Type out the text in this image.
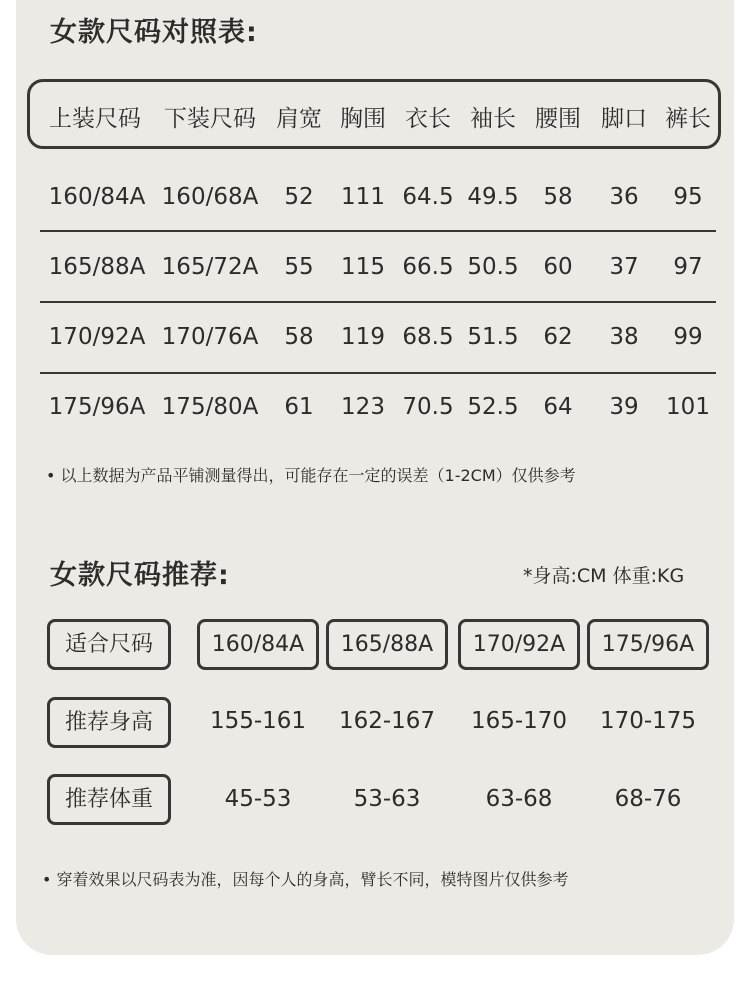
女款尺码对照表:
上装尺码 下装尺码 肩宽 胸围 衣长 袖长 腰围 脚口 裤长
160/84A 160/68A	52	111 64.5 49.5	58	36	95
165/88A 165/72A	55	115 66.5 50.5	60	37	97
170/92A 170/76A	58	119 68.5 51.5	62	38	99
175/96A 175/80A	61	123 70.5 52.5	64	39	101
• 以上数据为产品平铺测量得出，可能存在一定的误差（1-2CM）仅供参考
女款尺码推荐:	*身高:CM 体重:KG
适合尺码	160/84A	165/88A	170/92A	175/96A
推荐身高	155-161	162-167	165-170	170-175
推荐体重	45-53	53-63	63-68	68-76
• 穿着效果以尺码表为准，因每个人的身高，臂长不同，模特图片仅供参考
